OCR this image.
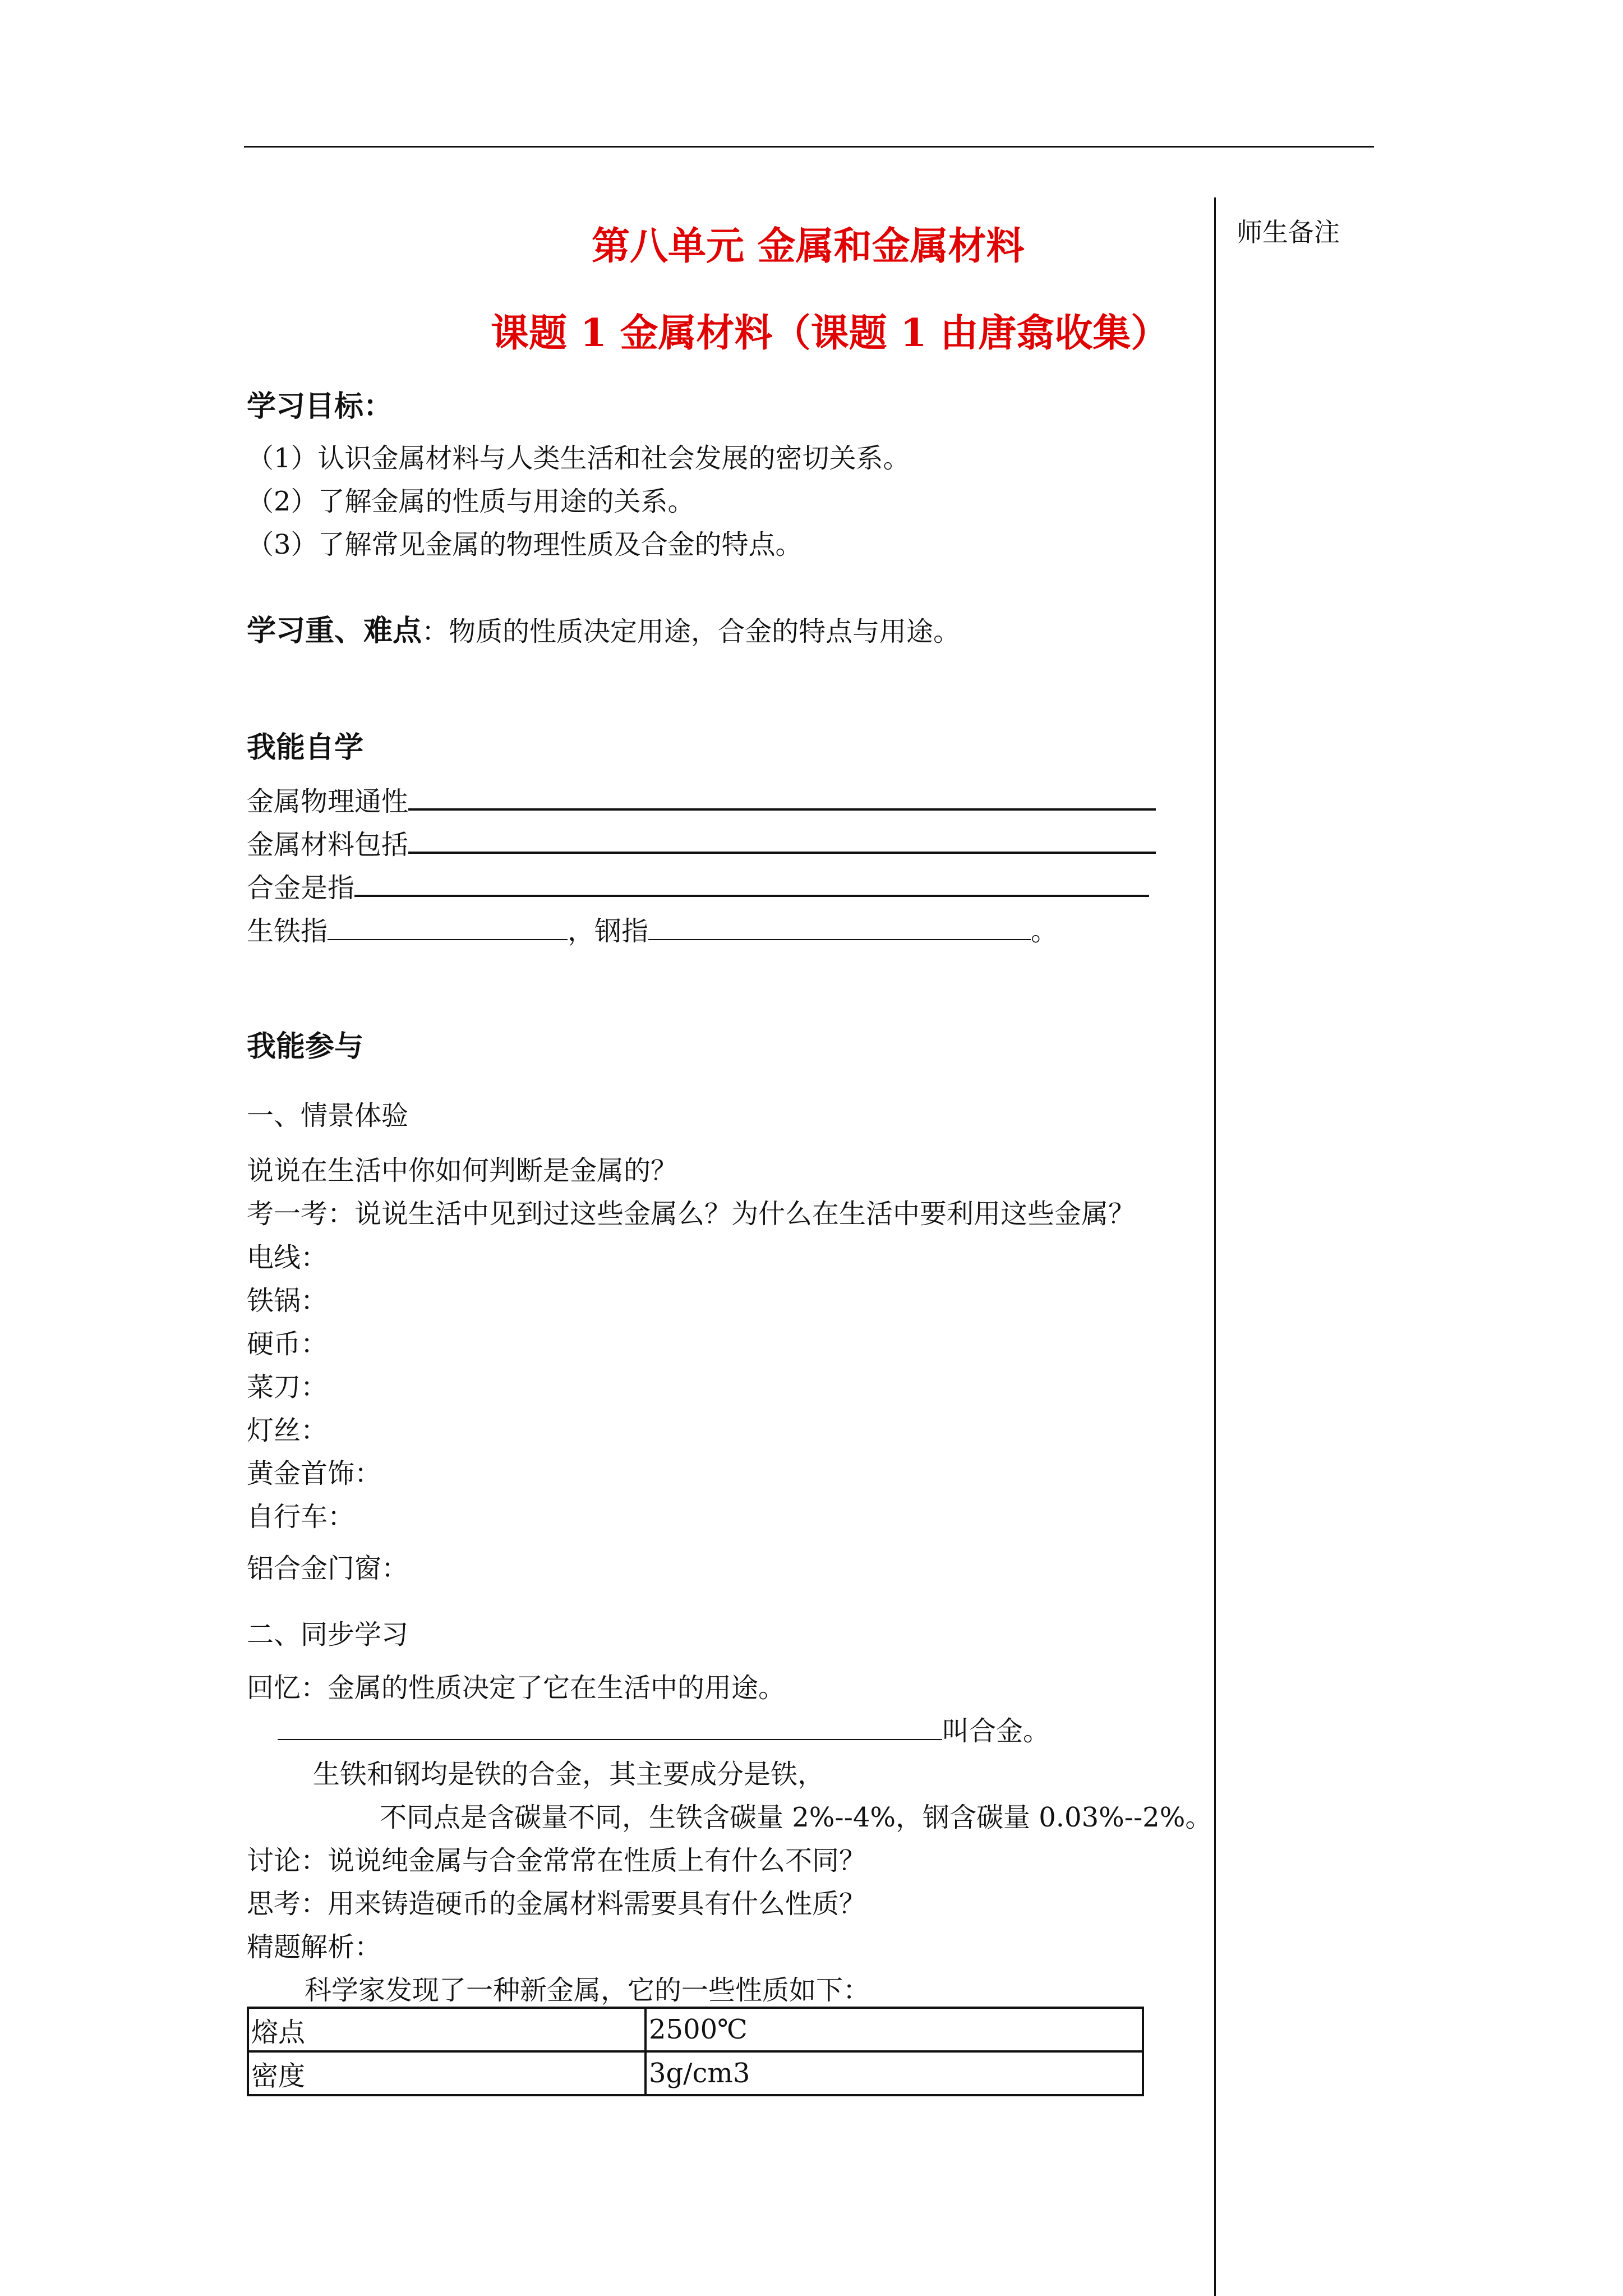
师生备注
第八单元 金属和金属材料
课题 1 金属材料（课题 1 由唐翕收集）
学习目标：
（1）认识金属材料与人类生活和社会发展的密切关系。
（2）了解金属的性质与用途的关系。
（3）了解常见金属的物理性质及合金的特点。
学习重、难点：物质的性质决定用途，合金的特点与用途。
我能自学
金属物理通性
金属材料包括
合金是指
生铁指	，钢指	。
我能参与
一、情景体验
说说在生活中你如何判断是金属的？
考一考：说说生活中见到过这些金属么？为什么在生活中要利用这些金属？
电线：
铁锅：
硬币：
菜刀：
灯丝：
黄金首饰：
自行车：
铝合金门窗：
二、同步学习
回忆：金属的性质决定了它在生活中的用途。
叫合金。
生铁和钢均是铁的合金，其主要成分是铁，
不同点是含碳量不同，生铁含碳量 2%--4%，钢含碳量 0.03%--2%。
讨论：说说纯金属与合金常常在性质上有什么不同？
思考：用来铸造硬币的金属材料需要具有什么性质？
精题解析：
科学家发现了一种新金属，它的一些性质如下：
熔点	2500℃
密度	3g/cm3
